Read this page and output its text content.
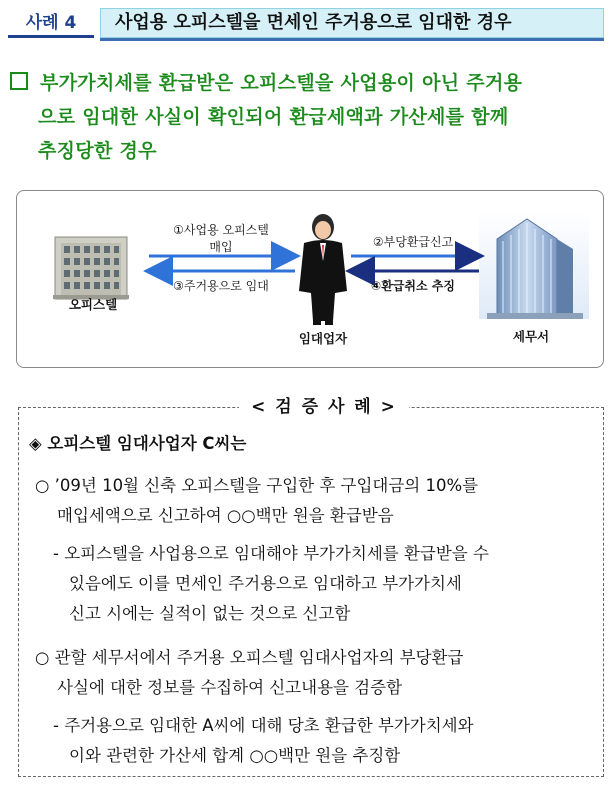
사례 4	사업용 오피스텔을 면세인 주거용으로 임대한 경우
부가가치세를 환급받은 오피스텔을 사업용이 아닌 주거용
으로 임대한 사실이 확인되어 환급세액과 가산세를 함께
추징당한 경우
①사업용 오피스텔
매입
③주거용으로 임대
②부당환급신고
④환급취소 추징
오피스텔
임대업자	세무서
< 검 증 사 례 >
◈ 오피스텔 임대사업자 C씨는
○ ’09년 10월 신축 오피스텔을 구입한 후 구입대금의 10%를
매입세액으로 신고하여 ○○백만 원을 환급받음
- 오피스텔을 사업용으로 임대해야 부가가치세를 환급받을 수
있음에도 이를 면세인 주거용으로 임대하고 부가가치세
신고 시에는 실적이 없는 것으로 신고함
○ 관할 세무서에서 주거용 오피스텔 임대사업자의 부당환급
사실에 대한 정보를 수집하여 신고내용을 검증함
- 주거용으로 임대한 A씨에 대해 당초 환급한 부가가치세와
이와 관련한 가산세 합계 ○○백만 원을 추징함
